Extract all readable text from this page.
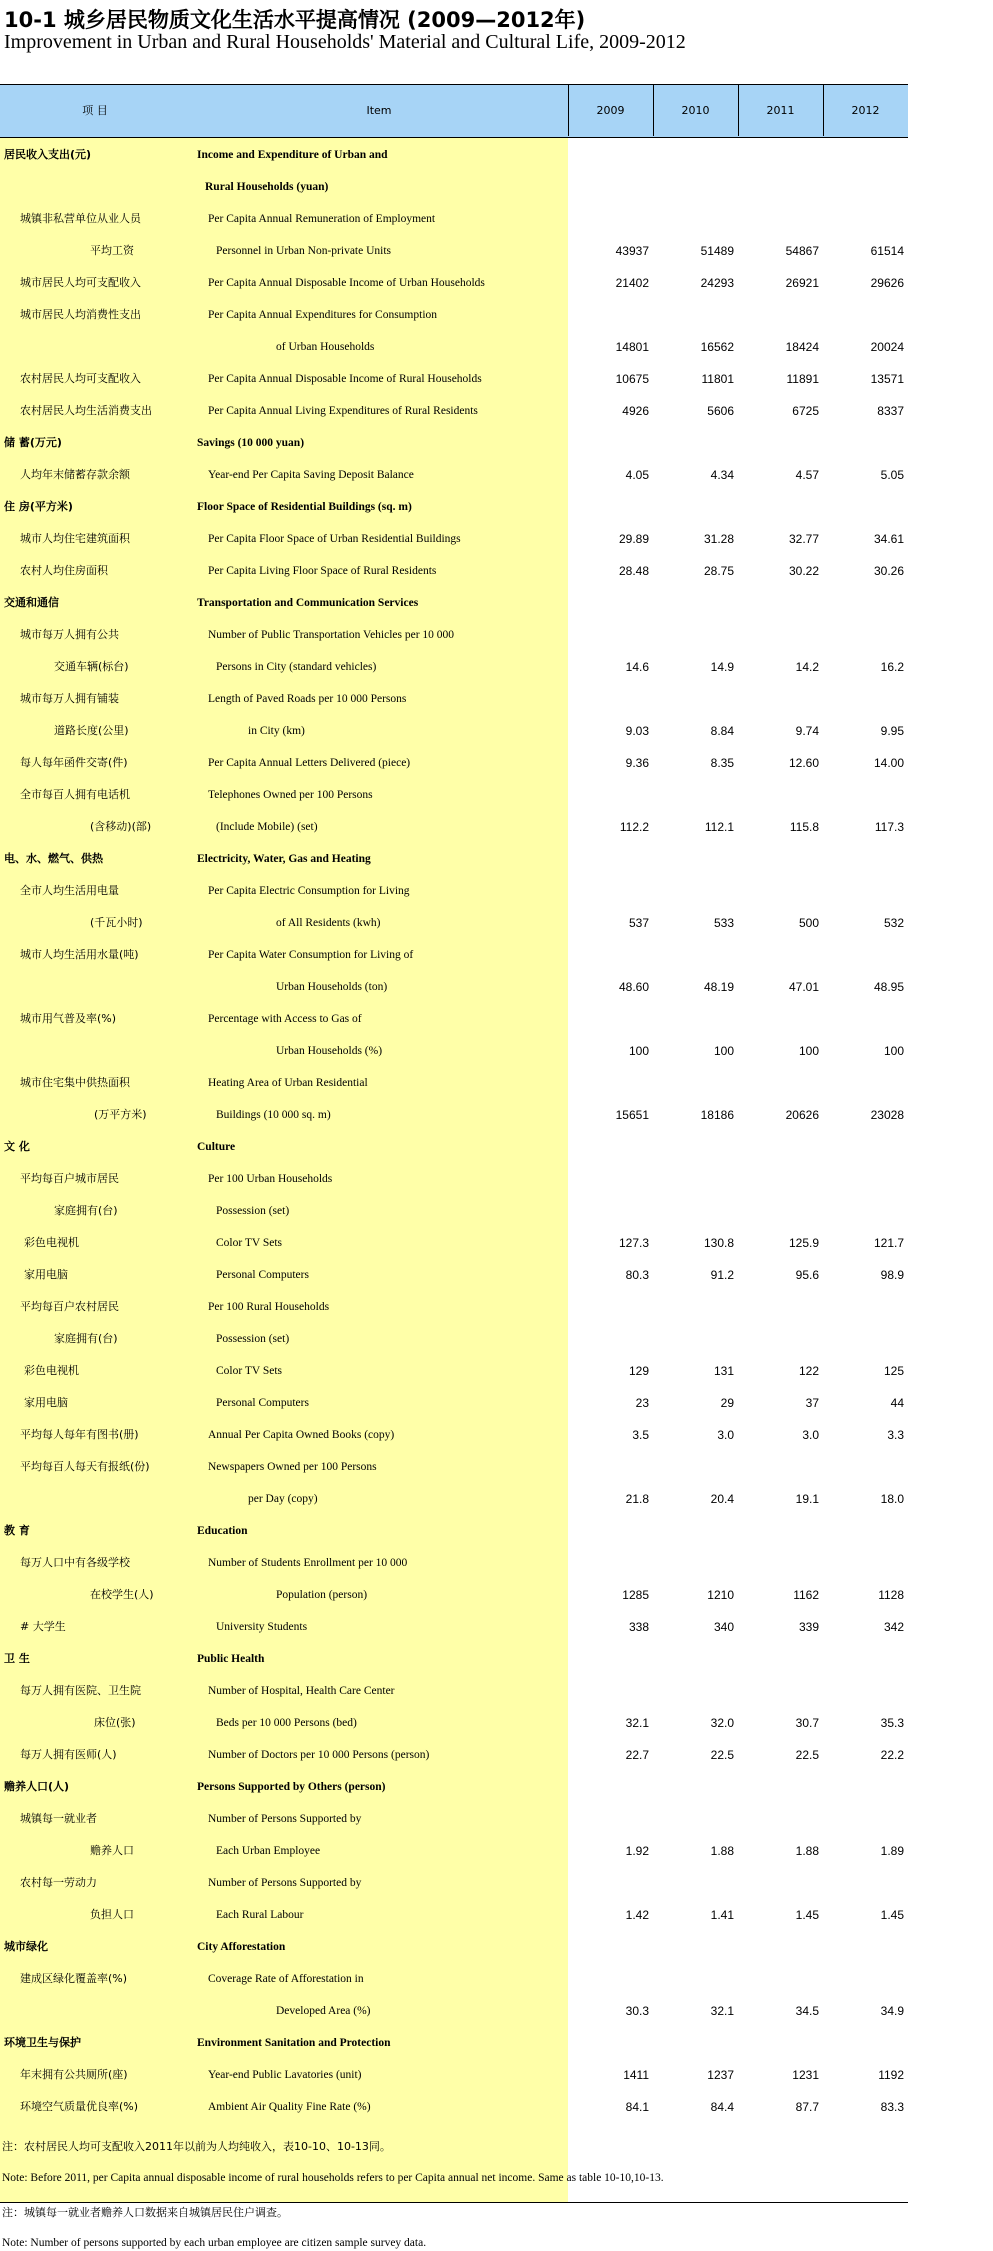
10-1 城乡居民物质文化生活水平提高情况 (2009—2012年)
Improvement in Urban and Rural Households' Material and Cultural Life, 2009-2012
项 目	Item	2009	2010	2011	2012
居民收入支出(元)	Income and Expenditure of Urban and
Rural Households (yuan)
城镇非私营单位从业人员	Per Capita Annual Remuneration of Employment
平均工资	Personnel in Urban Non-private Units	43937	51489	54867	61514
城市居民人均可支配收入	Per Capita Annual Disposable Income of Urban Households	21402	24293	26921	29626
城市居民人均消费性支出	Per Capita Annual Expenditures for Consumption
of Urban Households	14801	16562	18424	20024
农村居民人均可支配收入	Per Capita Annual Disposable Income of Rural Households	10675	11801	11891	13571
农村居民人均生活消费支出	Per Capita Annual Living Expenditures of Rural Residents	4926	5606	6725	8337
储 蓄(万元)	Savings (10 000 yuan)
人均年末储蓄存款余额	Year-end Per Capita Saving Deposit Balance	4.05	4.34	4.57	5.05
住 房(平方米)	Floor Space of Residential Buildings (sq. m)
城市人均住宅建筑面积	Per Capita Floor Space of Urban Residential Buildings	29.89	31.28	32.77	34.61
农村人均住房面积	Per Capita Living Floor Space of Rural Residents	28.48	28.75	30.22	30.26
交通和通信	Transportation and Communication Services
城市每万人拥有公共	Number of Public Transportation Vehicles per 10 000
交通车辆(标台)	Persons in City (standard vehicles)	14.6	14.9	14.2	16.2
城市每万人拥有铺装	Length of Paved Roads per 10 000 Persons
道路长度(公里)	in City (km)	9.03	8.84	9.74	9.95
每人每年函件交寄(件)	Per Capita Annual Letters Delivered (piece)	9.36	8.35	12.60	14.00
全市每百人拥有电话机	Telephones Owned per 100 Persons
(含移动)(部)	(Include Mobile) (set)	112.2	112.1	115.8	117.3
电、水、燃气、供热	Electricity, Water, Gas and Heating
全市人均生活用电量	Per Capita Electric Consumption for Living
(千瓦小时)	of All Residents (kwh)	537	533	500	532
城市人均生活用水量(吨)	Per Capita Water Consumption for Living of
Urban Households (ton)	48.60	48.19	47.01	48.95
城市用气普及率(%)	Percentage with Access to Gas of
Urban Households (%)	100	100	100	100
城市住宅集中供热面积	Heating Area of Urban Residential
(万平方米)	Buildings (10 000 sq. m)	15651	18186	20626	23028
文 化	Culture
平均每百户城市居民	Per 100 Urban Households
家庭拥有(台)	Possession (set)
彩色电视机	Color TV Sets	127.3	130.8	125.9	121.7
家用电脑	Personal Computers	80.3	91.2	95.6	98.9
平均每百户农村居民	Per 100 Rural Households
家庭拥有(台)	Possession (set)
彩色电视机	Color TV Sets	129	131	122	125
家用电脑	Personal Computers	23	29	37	44
平均每人每年有图书(册)	Annual Per Capita Owned Books (copy)	3.5	3.0	3.0	3.3
平均每百人每天有报纸(份)	Newspapers Owned per 100 Persons
per Day (copy)	21.8	20.4	19.1	18.0
教 育	Education
每万人口中有各级学校	Number of Students Enrollment per 10 000
在校学生(人)	Population (person)	1285	1210	1162	1128
# 大学生	University Students	338	340	339	342
卫 生	Public Health
每万人拥有医院、卫生院	Number of Hospital, Health Care Center
床位(张)	Beds per 10 000 Persons (bed)	32.1	32.0	30.7	35.3
每万人拥有医师(人)	Number of Doctors per 10 000 Persons (person)	22.7	22.5	22.5	22.2
赡养人口(人)	Persons Supported by Others (person)
城镇每一就业者	Number of Persons Supported by
赡养人口	Each Urban Employee	1.92	1.88	1.88	1.89
农村每一劳动力	Number of Persons Supported by
负担人口	Each Rural Labour	1.42	1.41	1.45	1.45
城市绿化	City Afforestation
建成区绿化覆盖率(%)	Coverage Rate of Afforestation in
Developed Area (%)	30.3	32.1	34.5	34.9
环境卫生与保护	Environment Sanitation and Protection
年末拥有公共厕所(座)	Year-end Public Lavatories (unit)	1411	1237	1231	1192
环境空气质量优良率(%)	Ambient Air Quality Fine Rate (%)	84.1	84.4	87.7	83.3
注：农村居民人均可支配收入2011年以前为人均纯收入，表10-10、10-13同。
Note: Before 2011, per Capita annual disposable income of rural households refers to per Capita annual net income. Same as table 10-10,10-13.
注：城镇每一就业者赡养人口数据来自城镇居民住户调查。
Note: Number of persons supported by each urban employee are citizen sample survey data.
